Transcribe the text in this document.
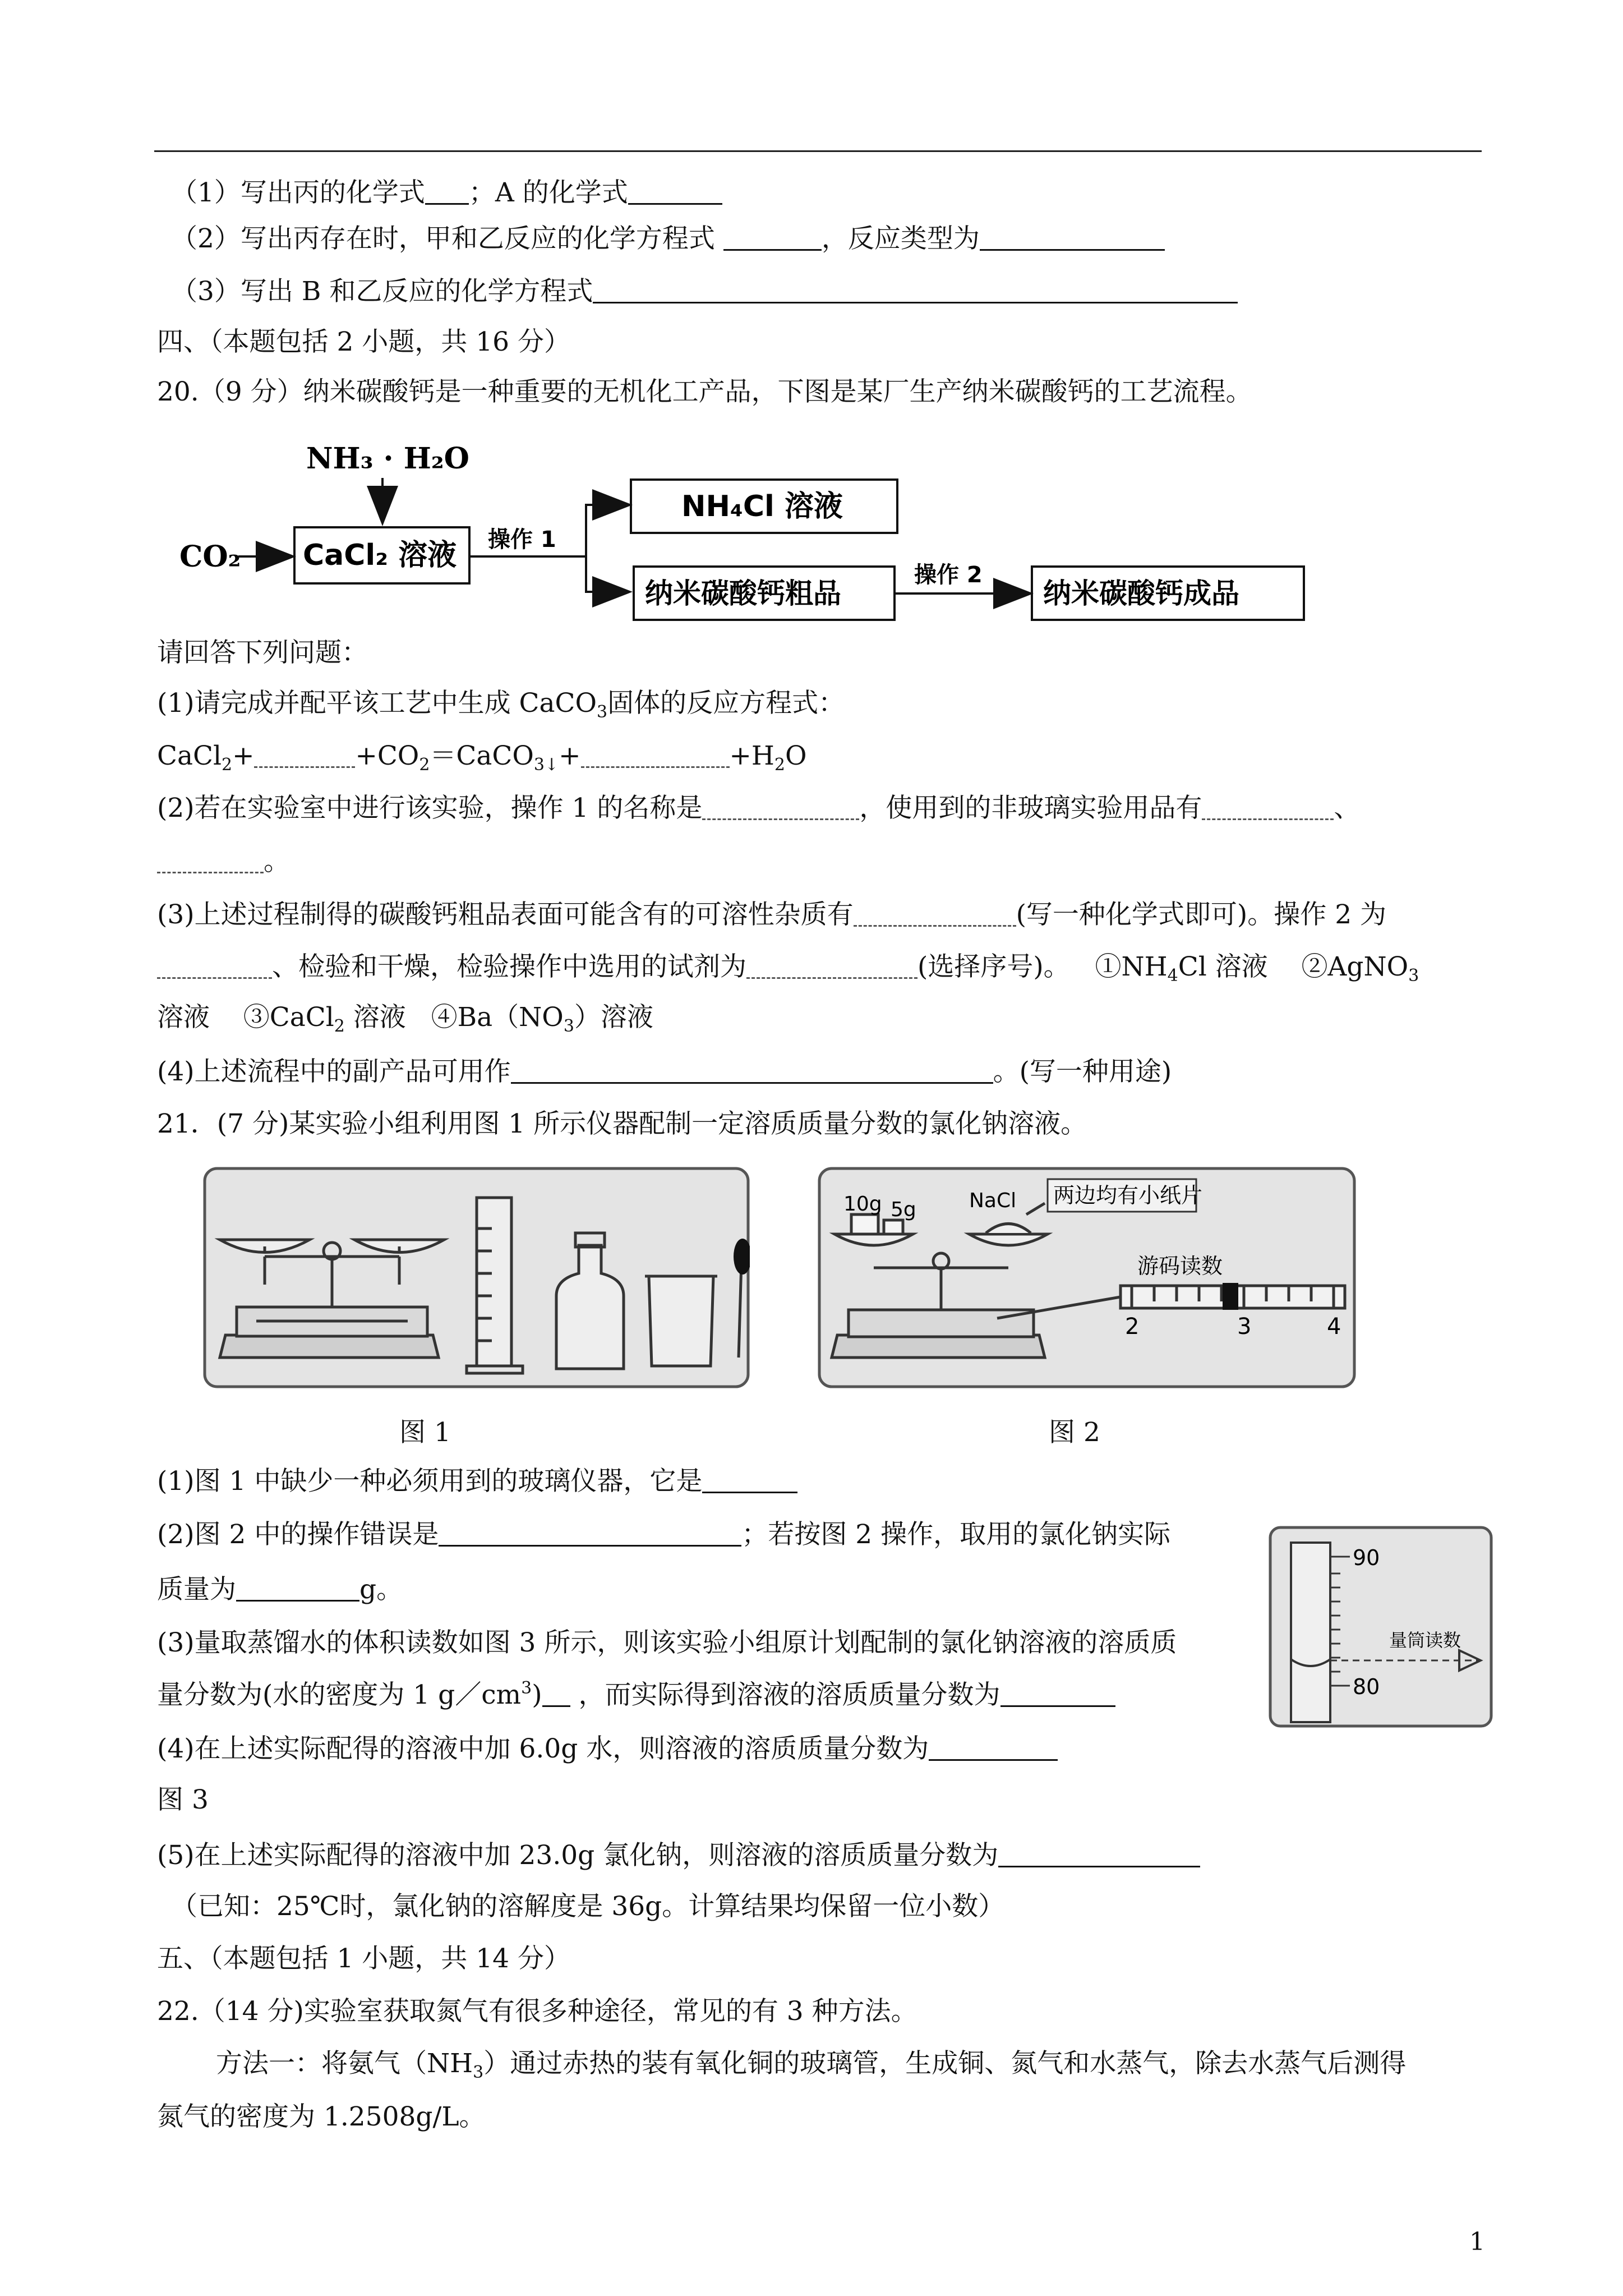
（1）写出丙的化学式 ；A 的化学式
（2）写出丙存在时，甲和乙反应的化学方程式	，反应类型为
（3）写出 B 和乙反应的化学方程式
四、（本题包括 2 小题，共 16 分）
20.（9 分）纳米碳酸钙是一种重要的无机化工产品，下图是某厂生产纳米碳酸钙的工艺流程。
NH₃ · H₂O
CO₂ CaCl₂ 溶液 操作 1
NH₄Cl 溶液
纳米碳酸钙粗品
操作 2
纳米碳酸钙成品
请回答下列问题：
(1)请完成并配平该工艺中生成 CaCO$_3$固体的反应方程式：
CaCl$_2$+	$+CO_2=CaCO_{3↓}+$	$+H_2O$
(2)若在实验室中进行该实验，操作 1 的名称是	，使用到的非玻璃实验用品有	、
。
(3)上述过程制得的碳酸钙粗品表面可能含有的可溶性杂质有	(写一种化学式即可)。操作 2 为
、检验和干燥，检验操作中选用的试剂为	(选择序号)。 $①NH_4Cl$ 溶液 ②AgNO$_3$
溶液 ③CaCl$_2$ 溶液 $④Ba(NO_3)$溶液
(4)上述流程中的副产品可用作	。(写一种用途)
21．(7 分)某实验小组利用图 1 所示仪器配制一定溶质质量分数的氯化钠溶液。
10g 5g	NaCl 两边均有小纸片
游码读数
2	3	4
图 1	图 2
(1)图 1 中缺少一种必须用到的玻璃仪器，它是
(2)图 2 中的操作错误是	；若按图 2 操作，取用的氯化钠实际
质量为	g。
(3)量取蒸馏水的体积读数如图 3 所示，则该实验小组原计划配制的氯化钠溶液的溶质质
量分数为(水的密度为 1 $g/cm^3$) ，而实际得到溶液的溶质质量分数为
(4)在上述实际配得的溶液中加 6.0g 水，则溶液的溶质质量分数为
图 3
90
80
量筒读数
(5)在上述实际配得的溶液中加 23.0g 氯化钠，则溶液的溶质质量分数为
（已知：25℃时，氯化钠的溶解度是 36g。计算结果均保留一位小数）
五、（本题包括 1 小题，共 14 分）
22.（14 分)实验室获取氮气有很多种途径，常见的有 3 种方法。
方法一：将氨气$(NH_3)$通过赤热的装有氧化铜的玻璃管，生成铜、氮气和水蒸气，除去水蒸气后测得
氮气的密度为 1.2508g/L。
1
